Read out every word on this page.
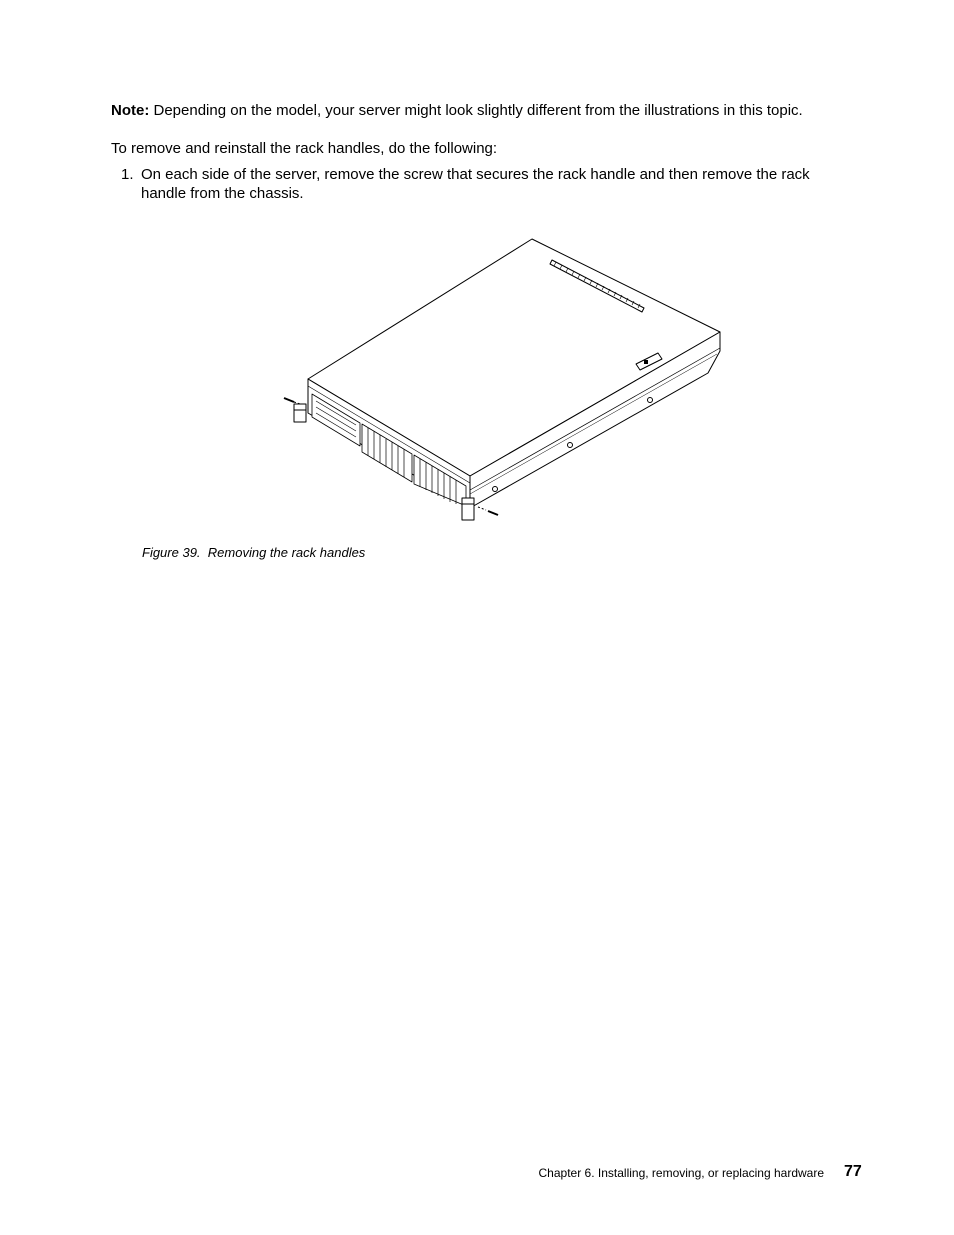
Note: Depending on the model, your server might look slightly different from the illustrations in this topic.
To remove and reinstall the rack handles, do the following:
1. On each side of the server, remove the screw that secures the rack handle and then remove the rack handle from the chassis.
Figure 39. Removing the rack handles
Chapter 6. Installing, removing, or replacing hardware 77
